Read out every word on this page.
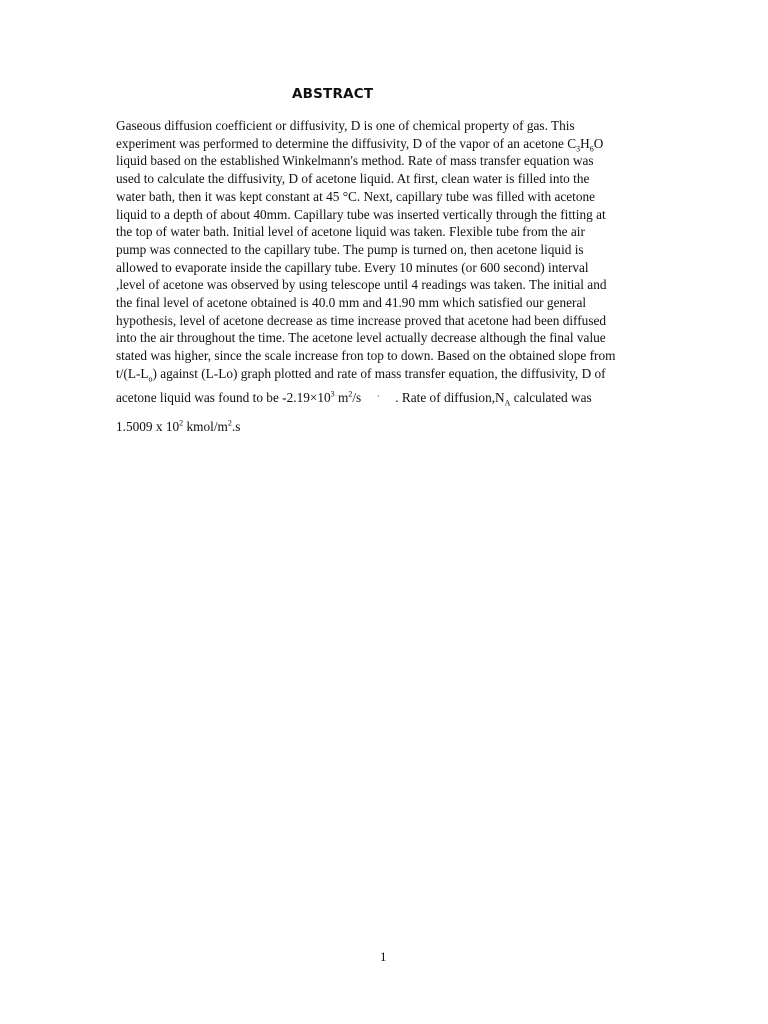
ABSTRACT
Gaseous diffusion coefficient or diffusivity, D is one of chemical property of gas. This
experiment was performed to determine the diffusivity, D of the vapor of an acetone $C_3H_6O$
liquid based on the established Winkelmann's method. Rate of mass transfer equation was
used to calculate the diffusivity, D of acetone liquid. At first, clean water is filled into the
water bath, then it was kept constant at 45 °C. Next, capillary tube was filled with acetone
liquid to a depth of about 40mm. Capillary tube was inserted vertically through the fitting at
the top of water bath. Initial level of acetone liquid was taken. Flexible tube from the air
pump was connected to the capillary tube. The pump is turned on, then acetone liquid is
allowed to evaporate inside the capillary tube. Every 10 minutes (or 600 second) interval
,level of acetone was observed by using telescope until 4 readings was taken. The initial and
the final level of acetone obtained is 40.0 mm and 41.90 mm which satisfied our general
hypothesis, level of acetone decrease as time increase proved that acetone had been diffused
into the air throughout the time. The acetone level actually decrease although the final value
stated was higher, since the scale increase fron top to down. Based on the obtained slope from
$t/(L-L_o)$ against (L-Lo) graph plotted and rate of mass transfer equation, the diffusivity, D of
acetone liquid was found to be $-2.19\times 10^3$ $m^2/s$ · . Rate of $diffusion,N_A$ calculated was
1.5009 x $10^2$ kmol/$m^2.s$

1
